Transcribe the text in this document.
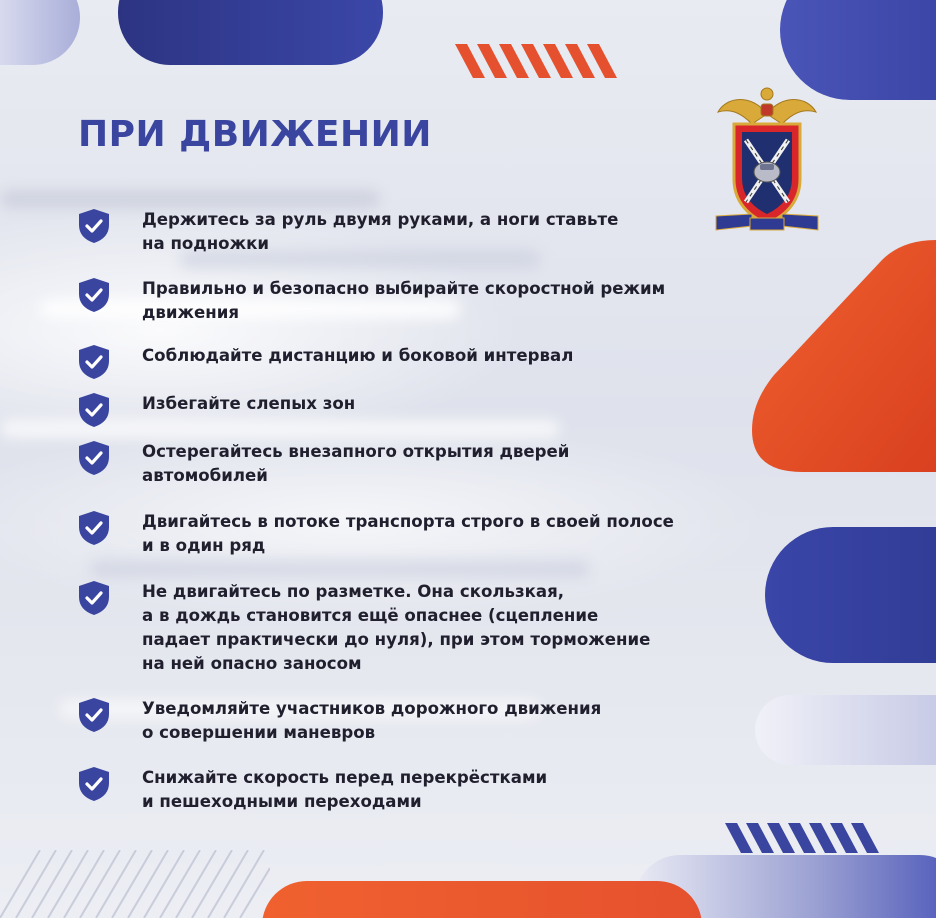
ПРИ ДВИЖЕНИИ
Держитесь за руль двумя руками, а ноги ставьте
на подножки
Правильно и безопасно выбирайте скоростной режим
движения
Соблюдайте дистанцию и боковой интервал
Избегайте слепых зон
Остерегайтесь внезапного открытия дверей
автомобилей
Двигайтесь в потоке транспорта строго в своей полосе
и в один ряд
Не двигайтесь по разметке. Она скользкая,
а в дождь становится ещё опаснее (сцепление
падает практически до нуля), при этом торможение
на ней опасно заносом
Уведомляйте участников дорожного движения
о совершении маневров
Снижайте скорость перед перекрёстками
и пешеходными переходами
